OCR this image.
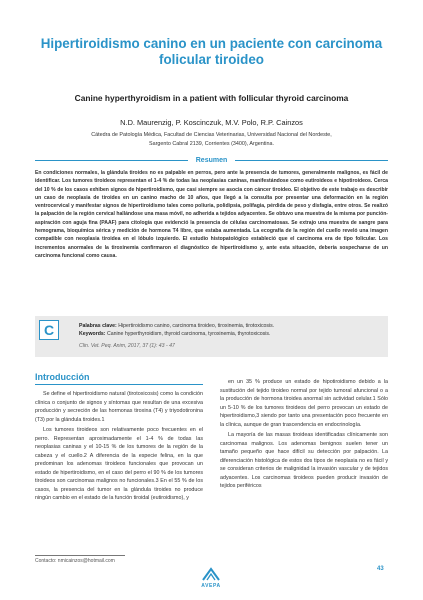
Hipertiroidismo canino en un paciente con carcinoma
folicular tiroideo
Canine hyperthyroidism in a patient with follicular thyroid carcinoma
N.D. Maurenzig, P. Koscinczuk, M.V. Polo, R.P. Cainzos
Cátedra de Patología Médica, Facultad de Ciencias Veterinarias, Universidad Nacional del Nordeste,
Sargento Cabral 2139, Corrientes (3400), Argentina.
Resumen

En condiciones normales, la glándula tiroides no es palpable en perros, pero ante la presencia de tumores, generalmente malignos, es fácil de identificar. Los tumores tiroideos representan el 1-4 % de todas las neoplasias caninas, manifestándose como eutiroideos e hipotiroideos. Cerca del 10 % de los casos exhiben signos de hipertiroidismo, que casi siempre se asocia con cáncer tiroideo. El objetivo de este trabajo es describir un caso de neoplasia de tiroides en un canino macho de 10 años, que llegó a la consulta por presentar una deformación en la región ventrocervical y manifestar signos de hipertiroidismo tales como poliuria, polidipsia, polifagia, pérdida de peso y disfagia, entre otros. Se realizó la palpación de la región cervical hallándose una masa móvil, no adherida a tejidos adyacentes. Se obtuvo una muestra de la misma por punción-aspiración con aguja fina (PAAF) para citología que evidenció la presencia de células carcinomatosas. Se extrajo una muestra de sangre para hemograma, bioquímica sérica y medición de hormona T4 libre, que estaba aumentada. La ecografía de la región del cuello reveló una imagen compatible con neoplasia tiroidea en el lóbulo izquierdo. El estudio histopatológico estableció que el carcinoma era de tipo folicular. Los incrementos anormales de la tiroxinemia confirmaron el diagnóstico de hipertiroidismo y, ante esta situación, debería sospecharse de un carcinoma funcional como causa.

C	Palabras clave: Hipertiroidismo canino, carcinoma tiroideo, tiroxinemia, tirotoxicosis.

Keywords: Canine hyperthyroidism, thyroid carcinoma, tyroxinemia, thyrotoxicosis.

Clin. Vet. Peq. Anim, 2017, 37 (1): 43 - 47

Introducción

Se define el hipertiroidismo natural (tirotoxicosis) como la condición clínica o conjunto de signos y síntomas que resultan de una excesiva producción y secreción de las hormonas tiroxina (T4) y triyodotironina (T3) por la glándula tiroides.1

Los tumores tiroideos son relativamente poco frecuentes en el perro. Representan aproximadamente el 1-4 % de todas las neoplasias caninas y el 10-15 % de los tumores de la región de la cabeza y el cuello.2 A diferencia de la especie felina, en la que predominan los adenomas tiroideos funcionales que provocan un estado de hipertiroidismo, en el caso del perro el 90 % de los tumores tiroideos son carcinomas malignos no funcionales.3 En el 55 % de los casos, la presencia del tumor en la glándula tiroides no produce ningún cambio en el estado de la función tiroidal (eutiroidismo), y

en un 35 % produce un estado de hipotiroidismo debido a la sustitución del tejido tiroideo normal por tejido tumoral afuncional o a la producción de hormona tiroidea anormal sin actividad celular.1 Sólo un 5-10 % de los tumores tiroideos del perro provocan un estado de hipertiroidismo,3 siendo por tanto una presentación poco frecuente en la clínica, aunque de gran trascendencia en endocrinología.

La mayoría de las masas tiroideas identificadas clínicamente son carcinomas malignos. Los adenomas benignos suelen tener un tamaño pequeño que hace difícil su detección por palpación. La diferenciación histológica de estos dos tipos de neoplasia no es fácil y se consideran criterios de malignidad la invasión vascular y de tejidos adyacentes. Los carcinomas tiroideos pueden producir invasión de tejidos periféricos

Contacto: nmicainzos@hotmail.com
AVEPA
43
